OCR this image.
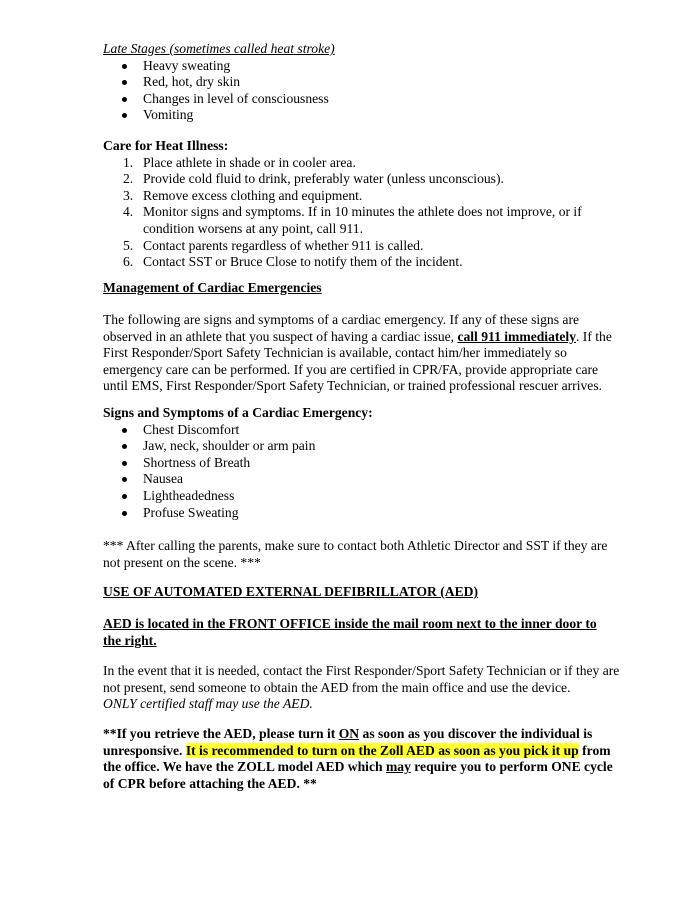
Late Stages (sometimes called heat stroke)
Heavy sweating
Red, hot, dry skin
Changes in level of consciousness
Vomiting
Care for Heat Illness:
1. Place athlete in shade or in cooler area.
2. Provide cold fluid to drink, preferably water (unless unconscious).
3. Remove excess clothing and equipment.
4. Monitor signs and symptoms. If in 10 minutes the athlete does not improve, or if condition worsens at any point, call 911.
5. Contact parents regardless of whether 911 is called.
6. Contact SST or Bruce Close to notify them of the incident.
Management of Cardiac Emergencies

The following are signs and symptoms of a cardiac emergency. If any of these signs are observed in an athlete that you suspect of having a cardiac issue, call 911 immediately. If the First Responder/Sport Safety Technician is available, contact him/her immediately so emergency care can be performed. If you are certified in CPR/FA, provide appropriate care until EMS, First Responder/Sport Safety Technician, or trained professional rescuer arrives.

Signs and Symptoms of a Cardiac Emergency:
Chest Discomfort
Jaw, neck, shoulder or arm pain
Shortness of Breath
Nausea
Lightheadedness
Profuse Sweating

*** After calling the parents, make sure to contact both Athletic Director and SST if they are not present on the scene. ***

USE OF AUTOMATED EXTERNAL DEFIBRILLATOR (AED)

AED is located in the FRONT OFFICE inside the mail room next to the inner door to the right.

In the event that it is needed, contact the First Responder/Sport Safety Technician or if they are not present, send someone to obtain the AED from the main office and use the device.
ONLY certified staff may use the AED.

**If you retrieve the AED, please turn it ON as soon as you discover the individual is unresponsive. It is recommended to turn on the Zoll AED as soon as you pick it up from the office. We have the ZOLL model AED which may require you to perform ONE cycle of CPR before attaching the AED. **
